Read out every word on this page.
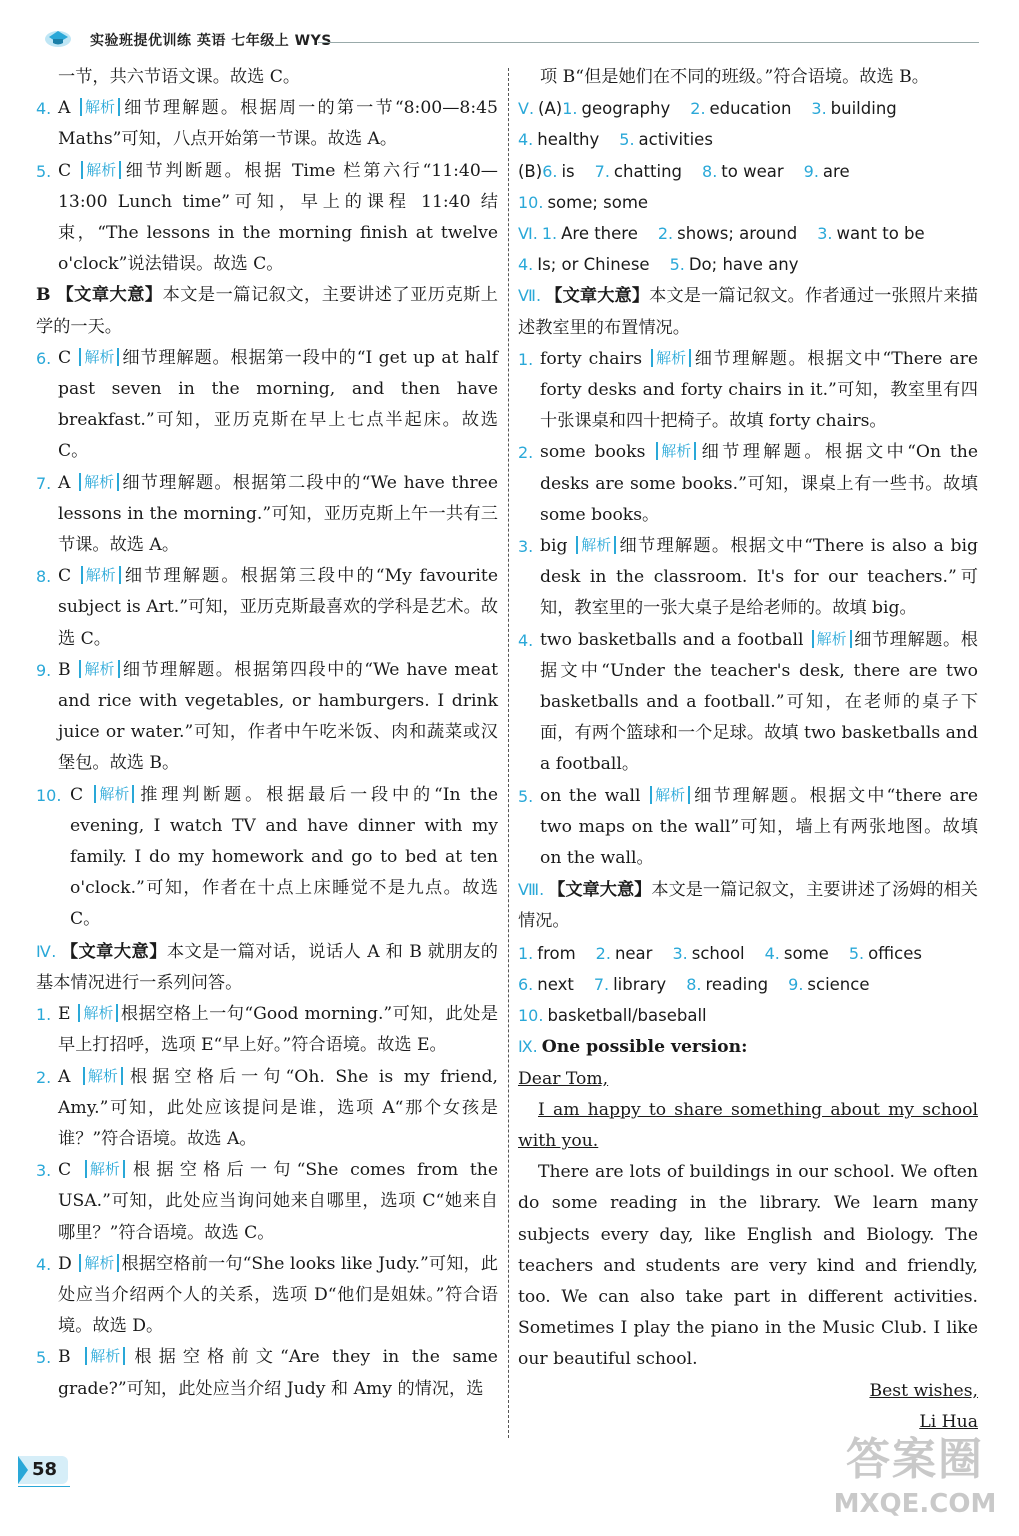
实验班提优训练 英语 七年级上 WYS
一节，共六节语文课。故选 C。
4. A 解析 细节理解题。根据周一的第一节“8:00—8:45 Maths”可知，八点开始第一节课。故选 A。
5. C 解析 细节判断题。根据 Time 栏第六行“11:40—13:00 Lunch time”可知，早上的课程 11:40 结束，“The lessons in the morning finish at twelve o'clock”说法错误。故选 C。
B 【文章大意】本文是一篇记叙文，主要讲述了亚历克斯上学的一天。
6. C 解析 细节理解题。根据第一段中的“I get up at half past seven in the morning, and then have breakfast.”可知，亚历克斯在早上七点半起床。故选 C。
7. A 解析 细节理解题。根据第二段中的“We have three lessons in the morning.”可知，亚历克斯上午一共有三节课。故选 A。
8. C 解析 细节理解题。根据第三段中的“My favourite subject is Art.”可知，亚历克斯最喜欢的学科是艺术。故选 C。
9. B 解析 细节理解题。根据第四段中的“We have meat and rice with vegetables, or hamburgers. I drink juice or water.”可知，作者中午吃米饭、肉和蔬菜或汉堡包。故选 B。
10. C 解析 推理判断题。根据最后一段中的“In the evening, I watch TV and have dinner with my family. I do my homework and go to bed at ten o'clock.”可知，作者在十点上床睡觉不是九点。故选 C。
Ⅳ. 【文章大意】本文是一篇对话，说话人 A 和 B 就朋友的基本情况进行一系列问答。
1. E 解析 根据空格上一句“Good morning.”可知，此处是早上打招呼，选项 E“早上好。”符合语境。故选 E。
2. A 解析 根据空格后一句“Oh. She is my friend, Amy.”可知，此处应该提问是谁，选项 A“那个女孩是谁？”符合语境。故选 A。
3. C 解析 根据空格后一句“She comes from the USA.”可知，此处应当询问她来自哪里，选项 C“她来自哪里？”符合语境。故选 C。
4. D 解析 根据空格前一句“She looks like Judy.”可知，此处应当介绍两个人的关系，选项 D“他们是姐妹。”符合语境。故选 D。
5. B 解析 根据空格前文“Are they in the same grade?”可知，此处应当介绍 Judy 和 Amy 的情况，选
项 B“但是她们在不同的班级。”符合语境。故选 B。
Ⅴ. (A)1. geography 2. education 3. building
4. healthy 5. activities
(B)6. is 7. chatting 8. to wear 9. are
10. some; some
Ⅵ. 1. Are there 2. shows; around 3. want to be
4. Is; or Chinese 5. Do; have any
Ⅶ. 【文章大意】本文是一篇记叙文。作者通过一张照片来描述教室里的布置情况。
1. forty chairs 解析 细节理解题。根据文中“There are forty desks and forty chairs in it.”可知，教室里有四十张课桌和四十把椅子。故填 forty chairs。
2. some books 解析 细节理解题。根据文中“On the desks are some books.”可知，课桌上有一些书。故填 some books。
3. big 解析 细节理解题。根据文中“There is also a big desk in the classroom. It's for our teachers.”可知，教室里的一张大桌子是给老师的。故填 big。
4. two basketballs and a football 解析 细节理解题。根据文中“Under the teacher's desk, there are two basketballs and a football.”可知，在老师的桌子下面，有两个篮球和一个足球。故填 two basketballs and a football。
5. on the wall 解析 细节理解题。根据文中“there are two maps on the wall”可知，墙上有两张地图。故填 on the wall。
Ⅷ. 【文章大意】本文是一篇记叙文，主要讲述了汤姆的相关情况。
1. from 2. near 3. school 4. some 5. offices
6. next 7. library 8. reading 9. science
10. basketball/baseball

Ⅸ. One possible version:

Dear Tom,

I am happy to share something about my school with you.

There are lots of buildings in our school. We often do some reading in the library. We learn many subjects every day, like English and Biology. The teachers and students are very kind and friendly, too. We can also take part in different activities. Sometimes I play the piano in the Music Club. I like our beautiful school.

Best wishes,

Li Hua

58	答案圈
MXQE.COM
